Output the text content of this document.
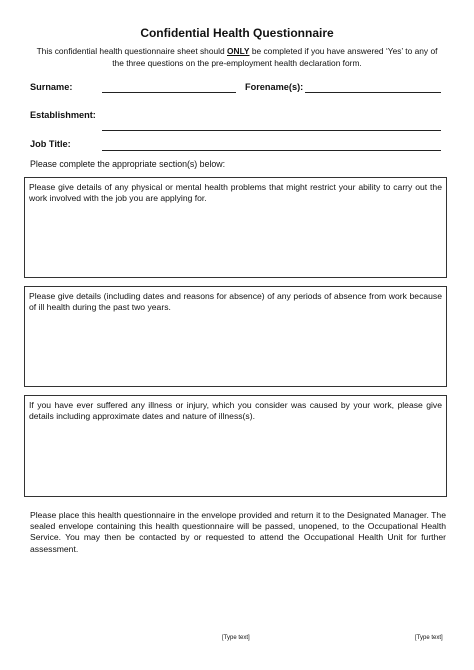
Confidential Health Questionnaire
This confidential health questionnaire sheet should ONLY be completed if you have answered ‘Yes’ to any of the three questions on the pre-employment health declaration form.
Surname:	Forename(s):
Establishment:
Job Title:
Please complete the appropriate section(s) below:
Please give details of any physical or mental health problems that might restrict your ability to carry out the work involved with the job you are applying for.
Please give details (including dates and reasons for absence) of any periods of absence from work because of ill health during the past two years.
If you have ever suffered any illness or injury, which you consider was caused by your work, please give details including approximate dates and nature of illness(s).
Please place this health questionnaire in the envelope provided and return it to the Designated Manager. The sealed envelope containing this health questionnaire will be passed, unopened, to the Occupational Health Service. You may then be contacted by or requested to attend the Occupational Health Unit for further assessment.
[Type text]	[Type text]
